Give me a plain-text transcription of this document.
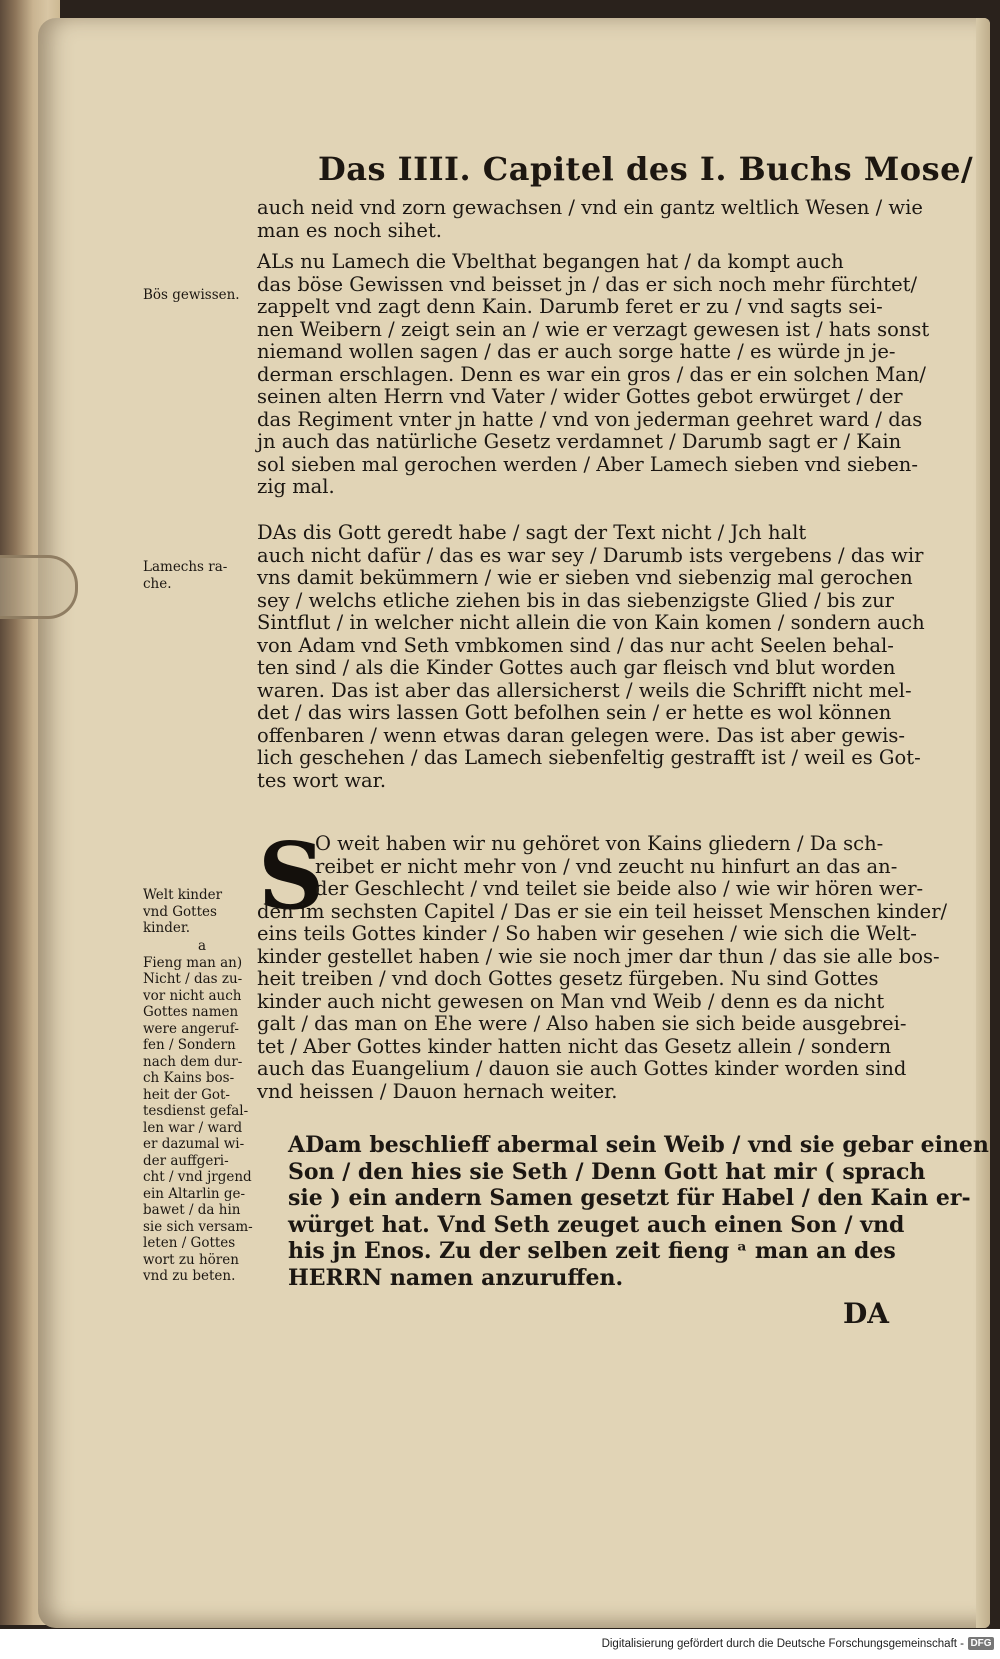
Das IIII. Capitel des I. Buchs Mose/

auch neid vnd zorn gewachsen / vnd ein gantz weltlich Wesen / wie

man es noch sihet.

ALs nu Lamech die Vbelthat begangen hat / da kompt auch

das böse Gewissen vnd beisset jn / das er sich noch mehr fürchtet/

zappelt vnd zagt denn Kain. Darumb feret er zu / vnd sagts sei-

nen Weibern / zeigt sein an / wie er verzagt gewesen ist / hats sonst

niemand wollen sagen / das er auch sorge hatte / es würde jn je-

derman erschlagen. Denn es war ein gros / das er ein solchen Man/

seinen alten Herrn vnd Vater / wider Gottes gebot erwürget / der

das Regiment vnter jn hatte / vnd von jederman geehret ward / das

jn auch das natürliche Gesetz verdamnet / Darumb sagt er / Kain

sol sieben mal gerochen werden / Aber Lamech sieben vnd sieben-

zig mal.

DAs dis Gott geredt habe / sagt der Text nicht / Jch halt

auch nicht dafür / das es war sey / Darumb ists vergebens / das wir

vns damit bekümmern / wie er sieben vnd siebenzig mal gerochen

sey / welchs etliche ziehen bis in das siebenzigste Glied / bis zur

Sintflut / in welcher nicht allein die von Kain komen / sondern auch

von Adam vnd Seth vmbkomen sind / das nur acht Seelen behal-

ten sind / als die Kinder Gottes auch gar fleisch vnd blut worden

waren. Das ist aber das allersicherst / weils die Schrifft nicht mel-

det / das wirs lassen Gott befolhen sein / er hette es wol können

offenbaren / wenn etwas daran gelegen were. Das ist aber gewis-

lich geschehen / das Lamech siebenfeltig gestrafft ist / weil es Got-

tes wort war.

S

O weit haben wir nu gehöret von Kains gliedern / Da sch-

reibet er nicht mehr von / vnd zeucht nu hinfurt an das an-

der Geschlecht / vnd teilet sie beide also / wie wir hören wer-

den im sechsten Capitel / Das er sie ein teil heisset Menschen kinder/

eins teils Gottes kinder / So haben wir gesehen / wie sich die Welt-

kinder gestellet haben / wie sie noch jmer dar thun / das sie alle bos-

heit treiben / vnd doch Gottes gesetz fürgeben. Nu sind Gottes

kinder auch nicht gewesen on Man vnd Weib / denn es da nicht

galt / das man on Ehe were / Also haben sie sich beide ausgebrei-

tet / Aber Gottes kinder hatten nicht das Gesetz allein / sondern

auch das Euangelium / dauon sie auch Gottes kinder worden sind

vnd heissen / Dauon hernach weiter.

ADam beschlieff abermal sein Weib / vnd sie gebar einen

Son / den hies sie Seth / Denn Gott hat mir ( sprach

sie ) ein andern Samen gesetzt für Habel / den Kain er-

würget hat. Vnd Seth zeuget auch einen Son / vnd

his jn Enos. Zu der selben zeit fieng ᵃ man an des

HERRN namen anzuruffen.

Bös gewissen.

Lamechs ra-

che.

Welt kinder

vnd Gottes

kinder.

a

Fieng man an)

Nicht / das zu-

vor nicht auch

Gottes namen

were angeruf-

fen / Sondern

nach dem dur-

ch Kains bos-

heit der Got-

tesdienst gefal-

len war / ward

er dazumal wi-

der auffgeri-

cht / vnd jrgend

ein Altarlin ge-

bawet / da hin

sie sich versam-

leten / Gottes

wort zu hören

vnd zu beten.

DA
Digitalisierung gefördert durch die Deutsche Forschungsgemeinschaft - DFG
